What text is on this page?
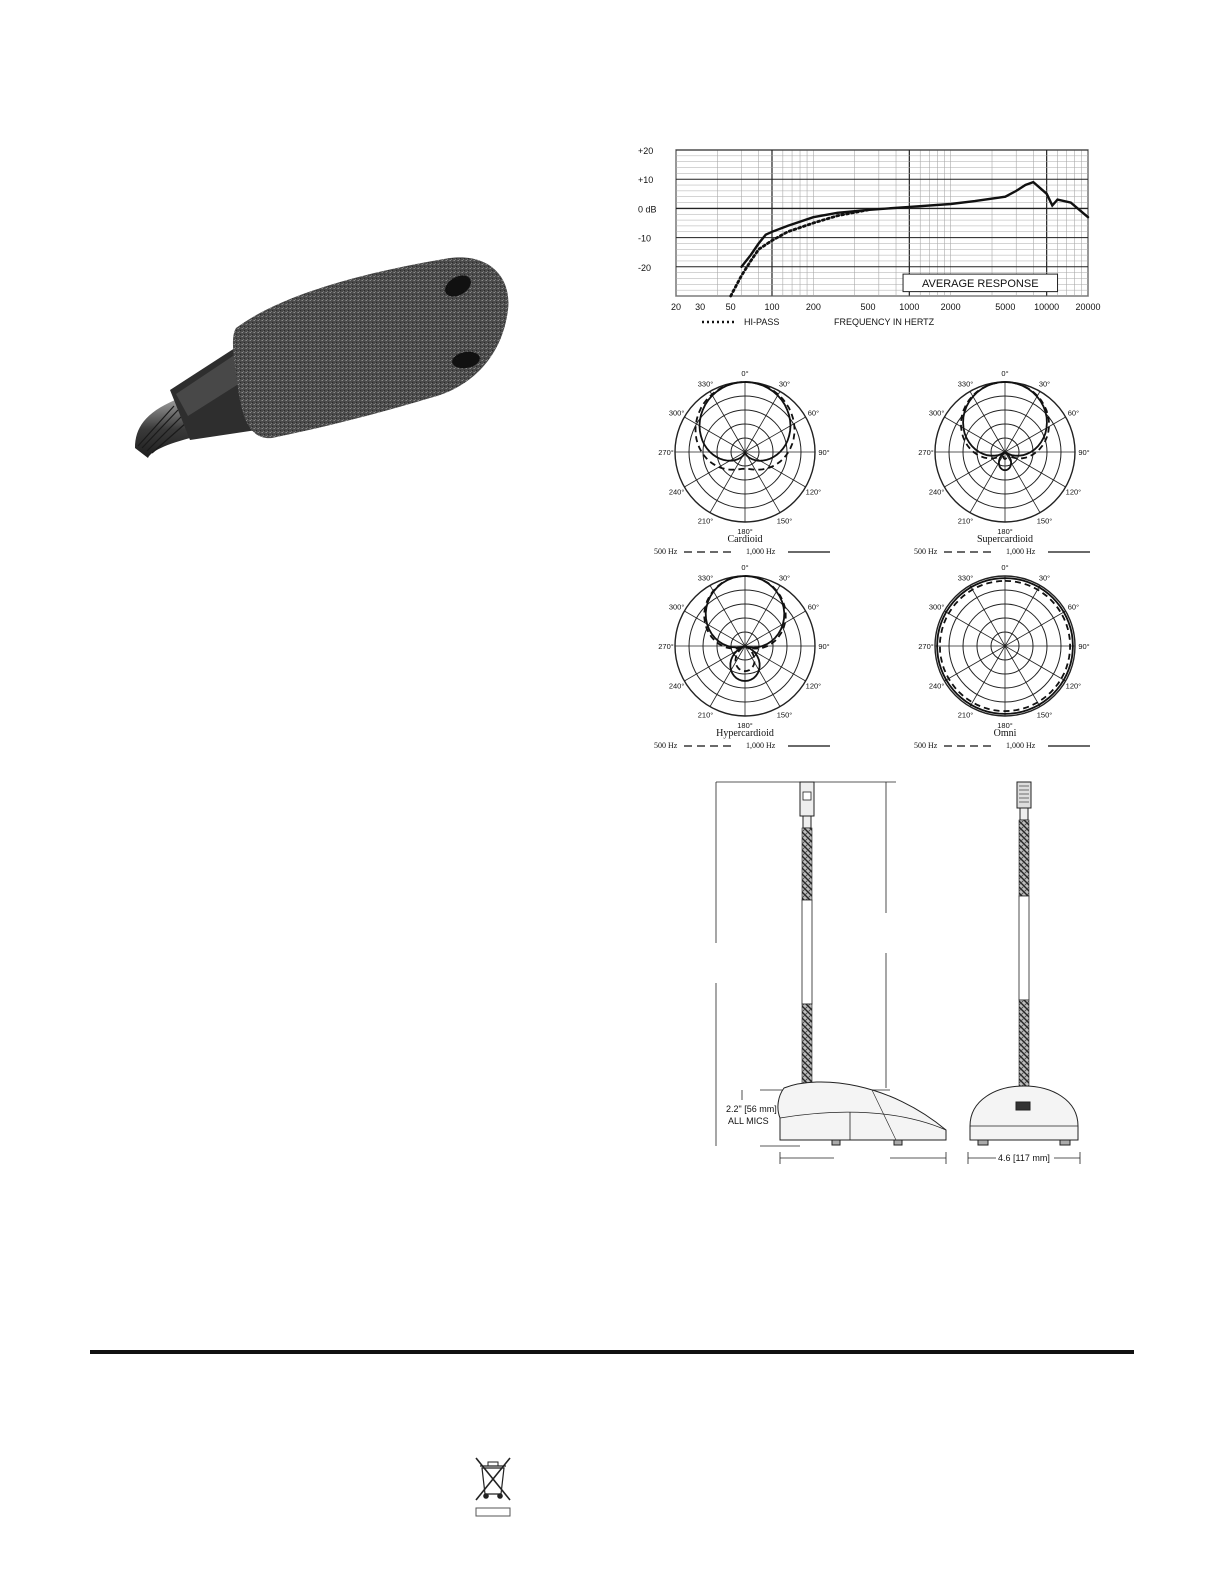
+20
+10
0 dB
-10
-20
20 30 50	100	200	500	1000 2000	5000 10000 20000
AVERAGE RESPONSE
HI-PASS	FREQUENCY IN HERTZ
0°
30°
60°
90°
120°
150°
180°
210°
240°
270°
300°
330°
Cardioid
500 Hz	1,000 Hz
0°
30°
60°
90°
120°
150°
180°
210°
240°
270°
300°
330°
Supercardioid
500 Hz	1,000 Hz
0°
30°
60°
90°
120°
150°
180°
210°
240°
270°
300°
330°
Hypercardioid
500 Hz	1,000 Hz
0°
30°
60°
90°
120°
150°
180°
210°
240°
270°
300°
330°
Omni
500 Hz	1,000 Hz
2.2" [56 mm]
ALL MICS
4.6 [117 mm]
